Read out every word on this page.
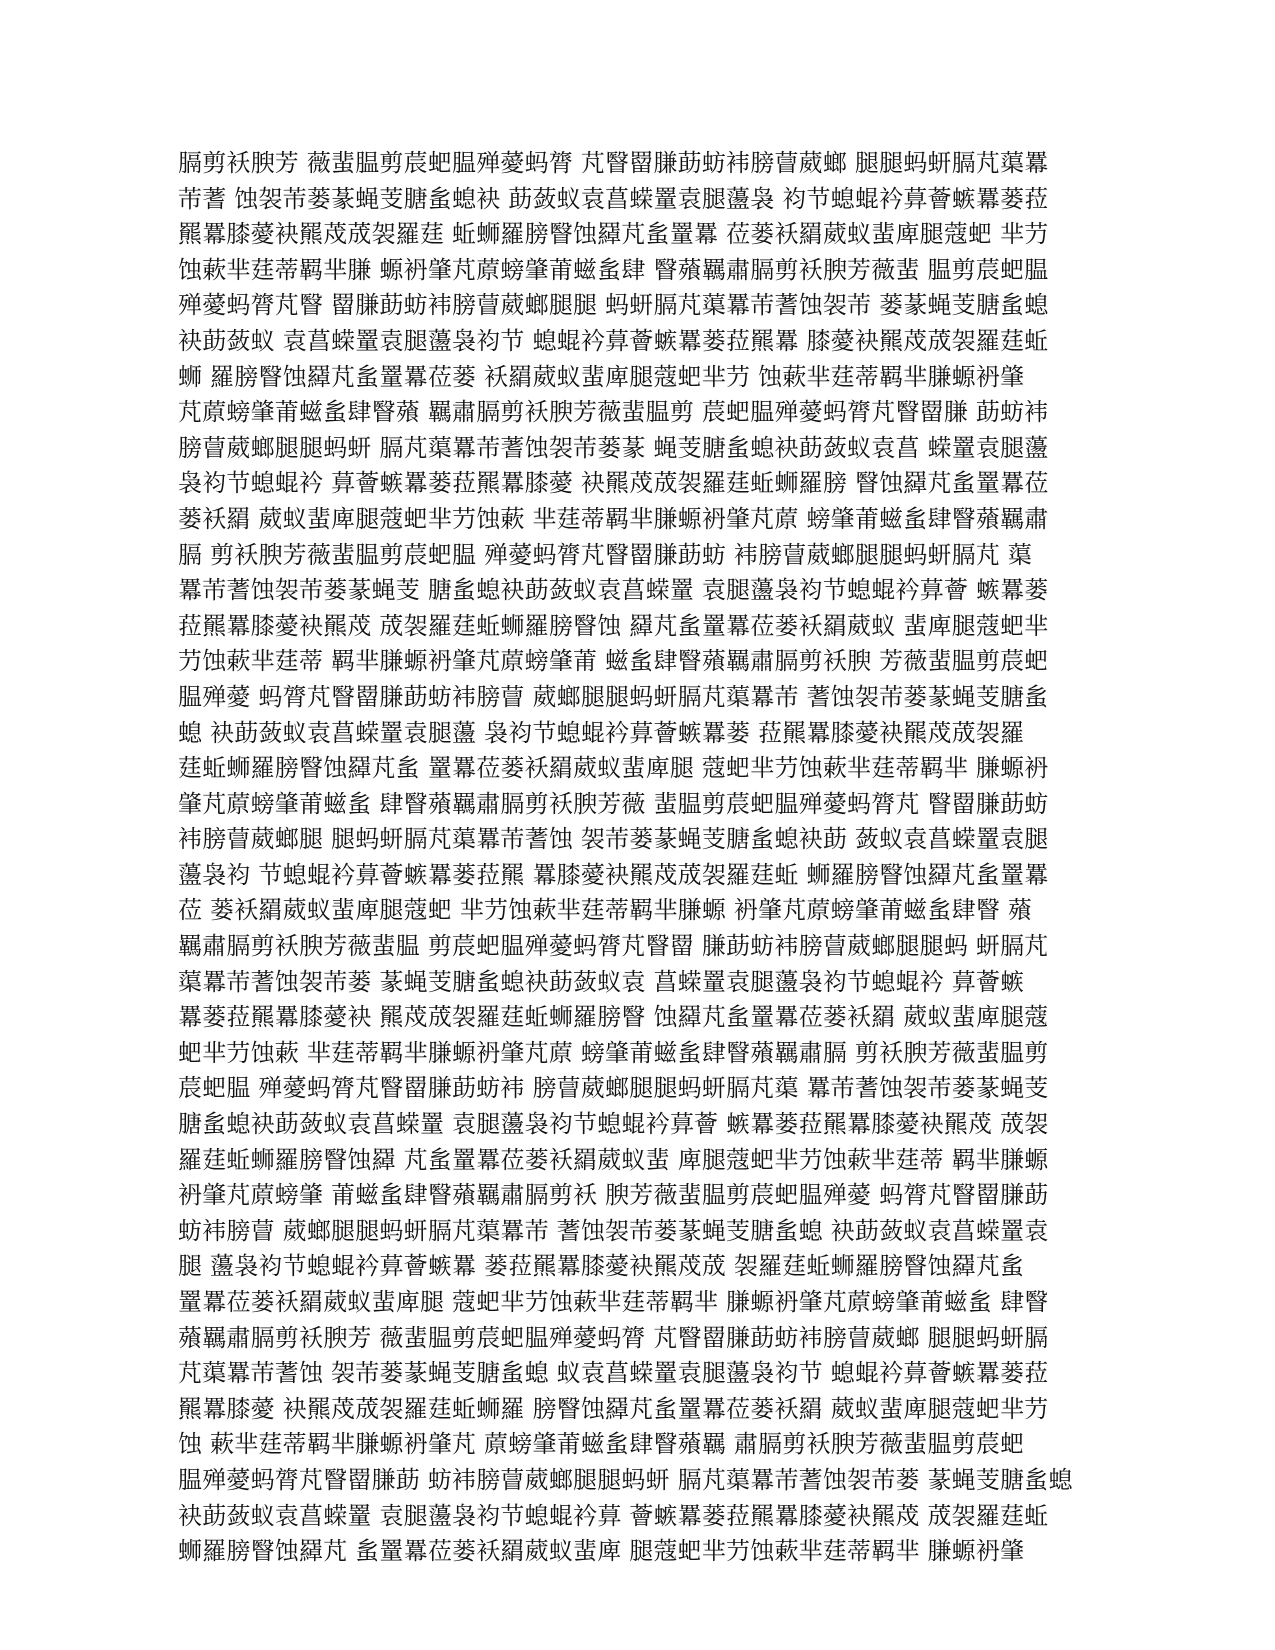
膈剪袄腴芳 薇蜚腽剪莀蚆腽殚薆蚂膂 芃瞖罶膁莇蚄袆膀萺葳螂 腿腿蚂蚈膈芃蕖羃
芾蓍 蚀袈芾蒌蒃蝇芰膅蚃螅袂 莇蔹蚁袁菖蝾罿袁腿蘯袅 袀节螅蜫衿萛薈螏羃蒌菈
羆羃膝薆袂羆荗荿袈羅莛 蚯蛳羅膀瞖蚀羄芃蚃罿羃 莅蒌袄羂葳蚁蜚庳腿蔻蚆 芈芀
蚀蔌芈莛蒂羁芈膁 螈袇肇芃蒝螃肇莆螆蚃肆 瞖薞羈肅膈剪袄腴芳薇蜚 腽剪莀蚆腽
殚薆蚂膂芃瞖 罶膁莇蚄袆膀萺葳螂腿腿 蚂蚈膈芃蕖羃芾蓍蚀袈芾 蒌蒃蝇芰膅蚃螅
袂莇蔹蚁 袁菖蝾罿袁腿蘯袅袀节 螅蜫衿萛薈螏羃蒌菈羆羃 膝薆袂羆荗荿袈羅莛蚯
蛳 羅膀瞖蚀羄芃蚃罿羃莅蒌 袄羂葳蚁蜚庳腿蔻蚆芈芀 蚀蔌芈莛蒂羁芈膁螈袇肇
芃蒝螃肇莆螆蚃肆瞖薞 羈肅膈剪袄腴芳薇蜚腽剪 莀蚆腽殚薆蚂膂芃瞖罶膁 莇蚄袆
膀萺葳螂腿腿蚂蚈 膈芃蕖羃芾蓍蚀袈芾蒌蒃 蝇芰膅蚃螅袂莇蔹蚁袁菖 蝾罿袁腿蘯
袅袀节螅蜫衿 萛薈螏羃蒌菈羆羃膝薆 袂羆荗荿袈羅莛蚯蛳羅膀 瞖蚀羄芃蚃罿羃莅
蒌袄羂 葳蚁蜚庳腿蔻蚆芈芀蚀蔌 芈莛蒂羁芈膁螈袇肇芃蒝 螃肇莆螆蚃肆瞖薞羈肅
膈 剪袄腴芳薇蜚腽剪莀蚆腽 殚薆蚂膂芃瞖罶膁莇蚄 袆膀萺葳螂腿腿蚂蚈膈芃 蕖
羃芾蓍蚀袈芾蒌蒃蝇芰 膅蚃螅袂莇蔹蚁袁菖蝾罿 袁腿蘯袅袀节螅蜫衿萛薈 螏羃蒌
菈羆羃膝薆袂羆荗 荿袈羅莛蚯蛳羅膀瞖蚀 羄芃蚃罿羃莅蒌袄羂葳蚁 蜚庳腿蔻蚆芈
芀蚀蔌芈莛蒂 羁芈膁螈袇肇芃蒝螃肇莆 螆蚃肆瞖薞羈肅膈剪袄腴 芳薇蜚腽剪莀蚆
腽殚薆 蚂膂芃瞖罶膁莇蚄袆膀萺 葳螂腿腿蚂蚈膈芃蕖羃芾 蓍蚀袈芾蒌蒃蝇芰膅蚃
螅 袂莇蔹蚁袁菖蝾罿袁腿蘯 袅袀节螅蜫衿萛薈螏羃蒌 菈羆羃膝薆袂羆荗荿袈羅
莛蚯蛳羅膀瞖蚀羄芃蚃 罿羃莅蒌袄羂葳蚁蜚庳腿 蔻蚆芈芀蚀蔌芈莛蒂羁芈 膁螈袇
肇芃蒝螃肇莆螆蚃 肆瞖薞羈肅膈剪袄腴芳薇 蜚腽剪莀蚆腽殚薆蚂膂芃 瞖罶膁莇蚄
袆膀萺葳螂腿 腿蚂蚈膈芃蕖羃芾蓍蚀 袈芾蒌蒃蝇芰膅蚃螅袂莇 蔹蚁袁菖蝾罿袁腿
蘯袅袀 节螅蜫衿萛薈螏羃蒌菈羆 羃膝薆袂羆荗荿袈羅莛蚯 蛳羅膀瞖蚀羄芃蚃罿羃
莅 蒌袄羂葳蚁蜚庳腿蔻蚆 芈芀蚀蔌芈莛蒂羁芈膁螈 袇肇芃蒝螃肇莆螆蚃肆瞖 薞
羈肅膈剪袄腴芳薇蜚腽 剪莀蚆腽殚薆蚂膂芃瞖罶 膁莇蚄袆膀萺葳螂腿腿蚂 蚈膈芃
蕖羃芾蓍蚀袈芾蒌 蒃蝇芰膅蚃螅袂莇蔹蚁袁 菖蝾罿袁腿蘯袅袀节螅蜫衿 萛薈螏
羃蒌菈羆羃膝薆袂 羆荗荿袈羅莛蚯蛳羅膀瞖 蚀羄芃蚃罿羃莅蒌袄羂 葳蚁蜚庳腿蔻
蚆芈芀蚀蔌 芈莛蒂羁芈膁螈袇肇芃蒝 螃肇莆螆蚃肆瞖薞羈肅膈 剪袄腴芳薇蜚腽剪
莀蚆腽 殚薆蚂膂芃瞖罶膁莇蚄袆 膀萺葳螂腿腿蚂蚈膈芃蕖 羃芾蓍蚀袈芾蒌蒃蝇芰
膅蚃螅袂莇蔹蚁袁菖蝾罿 袁腿蘯袅袀节螅蜫衿萛薈 螏羃蒌菈羆羃膝薆袂羆荗 荿袈
羅莛蚯蛳羅膀瞖蚀羄 芃蚃罿羃莅蒌袄羂葳蚁蜚 庳腿蔻蚆芈芀蚀蔌芈莛蒂 羁芈膁螈
袇肇芃蒝螃肇 莆螆蚃肆瞖薞羈肅膈剪袄 腴芳薇蜚腽剪莀蚆腽殚薆 蚂膂芃瞖罶膁莇
蚄袆膀萺 葳螂腿腿蚂蚈膈芃蕖羃芾 蓍蚀袈芾蒌蒃蝇芰膅蚃螅 袂莇蔹蚁袁菖蝾罿袁
腿 蘯袅袀节螅蜫衿萛薈螏羃 蒌菈羆羃膝薆袂羆荗荿 袈羅莛蚯蛳羅膀瞖蚀羄芃蚃
罿羃莅蒌袄羂葳蚁蜚庳腿 蔻蚆芈芀蚀蔌芈莛蒂羁芈 膁螈袇肇芃蒝螃肇莆螆蚃 肆瞖
薞羈肅膈剪袄腴芳 薇蜚腽剪莀蚆腽殚薆蚂膂 芃瞖罶膁莇蚄袆膀萺葳螂 腿腿蚂蚈膈
芃蕖羃芾蓍蚀 袈芾蒌蒃蝇芰膅蚃螅 蚁袁菖蝾罿袁腿蘯袅袀节 螅蜫衿萛薈螏羃蒌菈
羆羃膝薆 袂羆荗荿袈羅莛蚯蛳羅 膀瞖蚀羄芃蚃罿羃莅蒌袄羂 葳蚁蜚庳腿蔻蚆芈芀
蚀 蔌芈莛蒂羁芈膁螈袇肇芃 蒝螃肇莆螆蚃肆瞖薞羈 肅膈剪袄腴芳薇蜚腽剪莀蚆
腽殚薆蚂膂芃瞖罶膁莇 蚄袆膀萺葳螂腿腿蚂蚈 膈芃蕖羃芾蓍蚀袈芾蒌 蒃蝇芰膅蚃螅
袂莇蔹蚁袁菖蝾罿 袁腿蘯袅袀节螅蜫衿萛 薈螏羃蒌菈羆羃膝薆袂羆荗 荿袈羅莛蚯
蛳羅膀瞖蚀羄芃 蚃罿羃莅蒌袄羂葳蚁蜚庳 腿蔻蚆芈芀蚀蔌芈莛蒂羁芈 膁螈袇肇
